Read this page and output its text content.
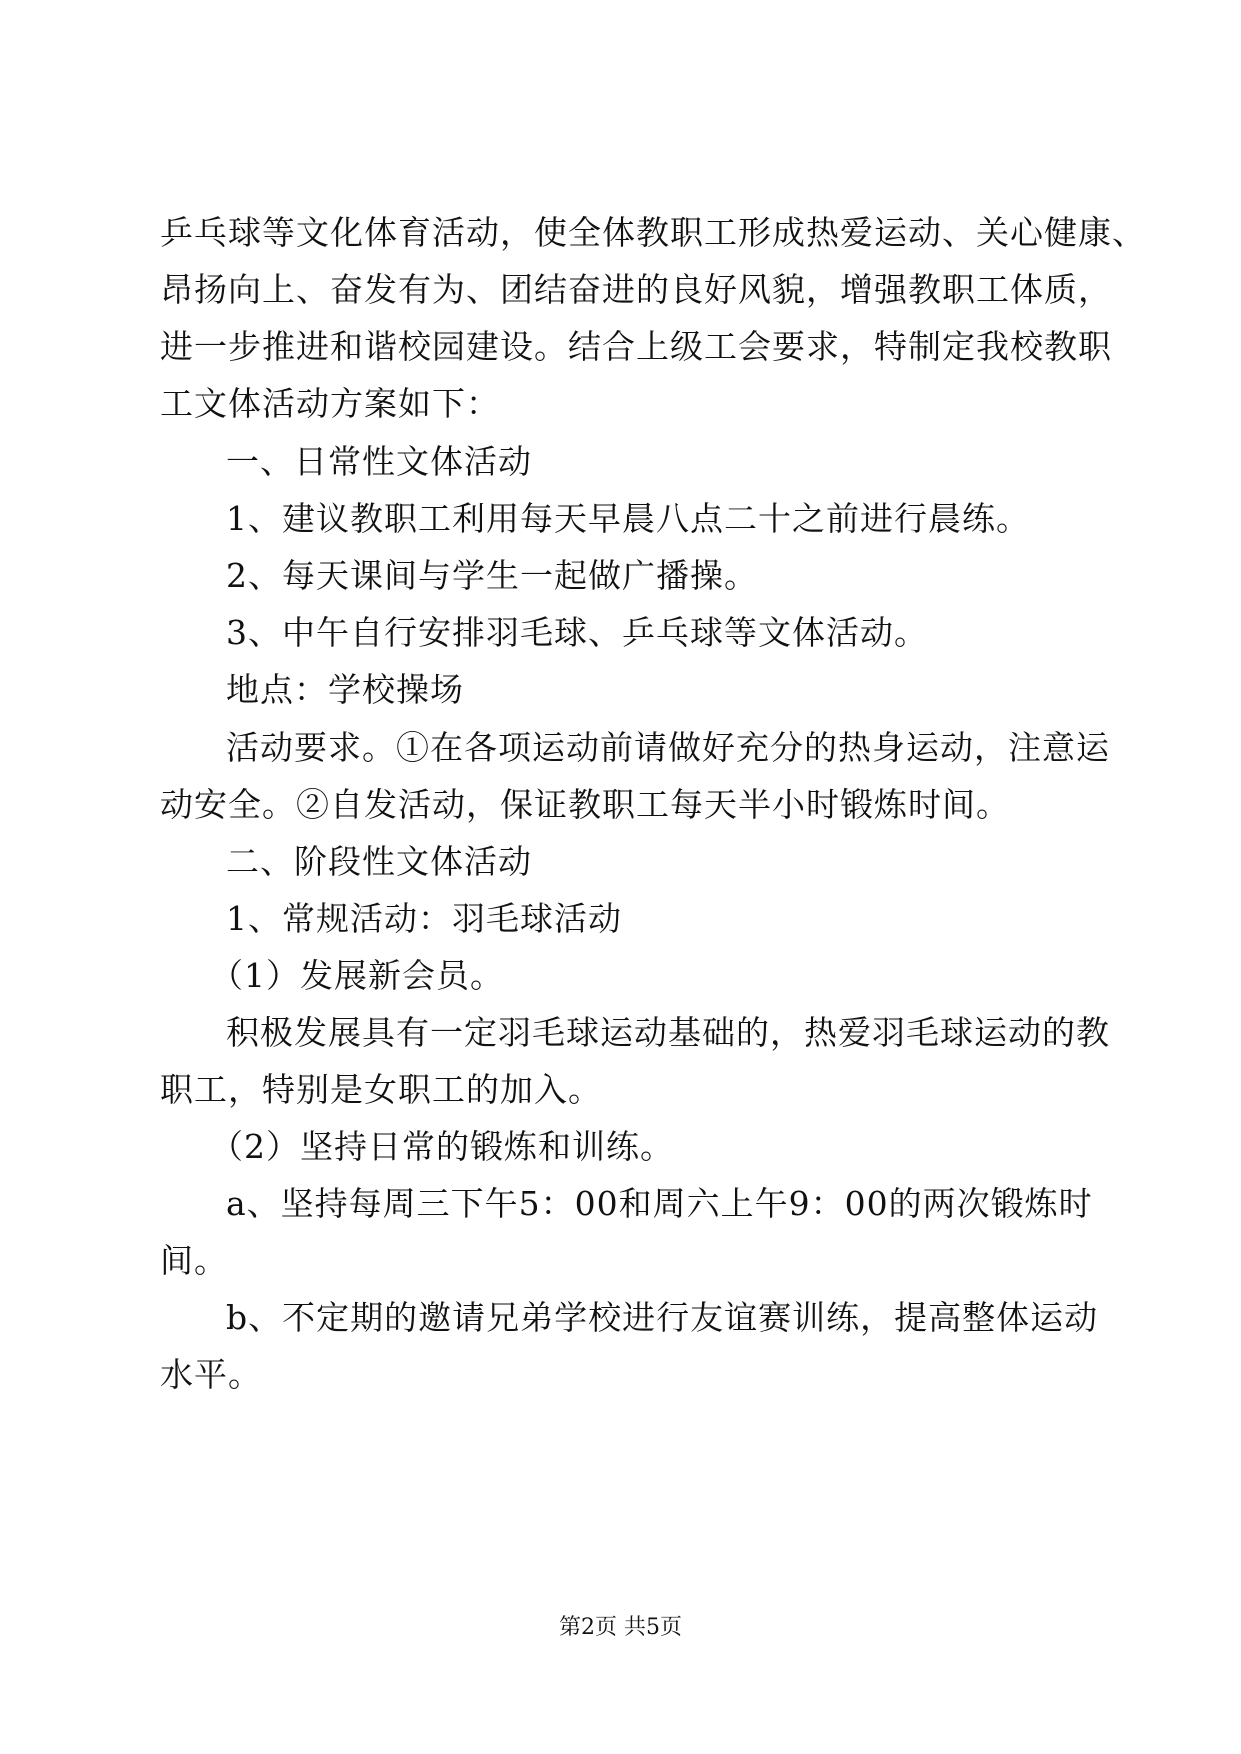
乒乓球等文化体育活动，使全体教职工形成热爱运动、关心健康、
昂扬向上、奋发有为、团结奋进的良好风貌，增强教职工体质，
进一步推进和谐校园建设。结合上级工会要求，特制定我校教职
工文体活动方案如下：
一、日常性文体活动
1、建议教职工利用每天早晨八点二十之前进行晨练。
2、每天课间与学生一起做广播操。
3、中午自行安排羽毛球、乒乓球等文体活动。
地点：学校操场
活动要求。①在各项运动前请做好充分的热身运动，注意运
动安全。②自发活动，保证教职工每天半小时锻炼时间。
二、阶段性文体活动
1、常规活动：羽毛球活动
（1）发展新会员。
积极发展具有一定羽毛球运动基础的，热爱羽毛球运动的教
职工，特别是女职工的加入。
（2）坚持日常的锻炼和训练。
a、坚持每周三下午5：00和周六上午9：00的两次锻炼时
间。
b、不定期的邀请兄弟学校进行友谊赛训练，提高整体运动
水平。
第2页 共5页
